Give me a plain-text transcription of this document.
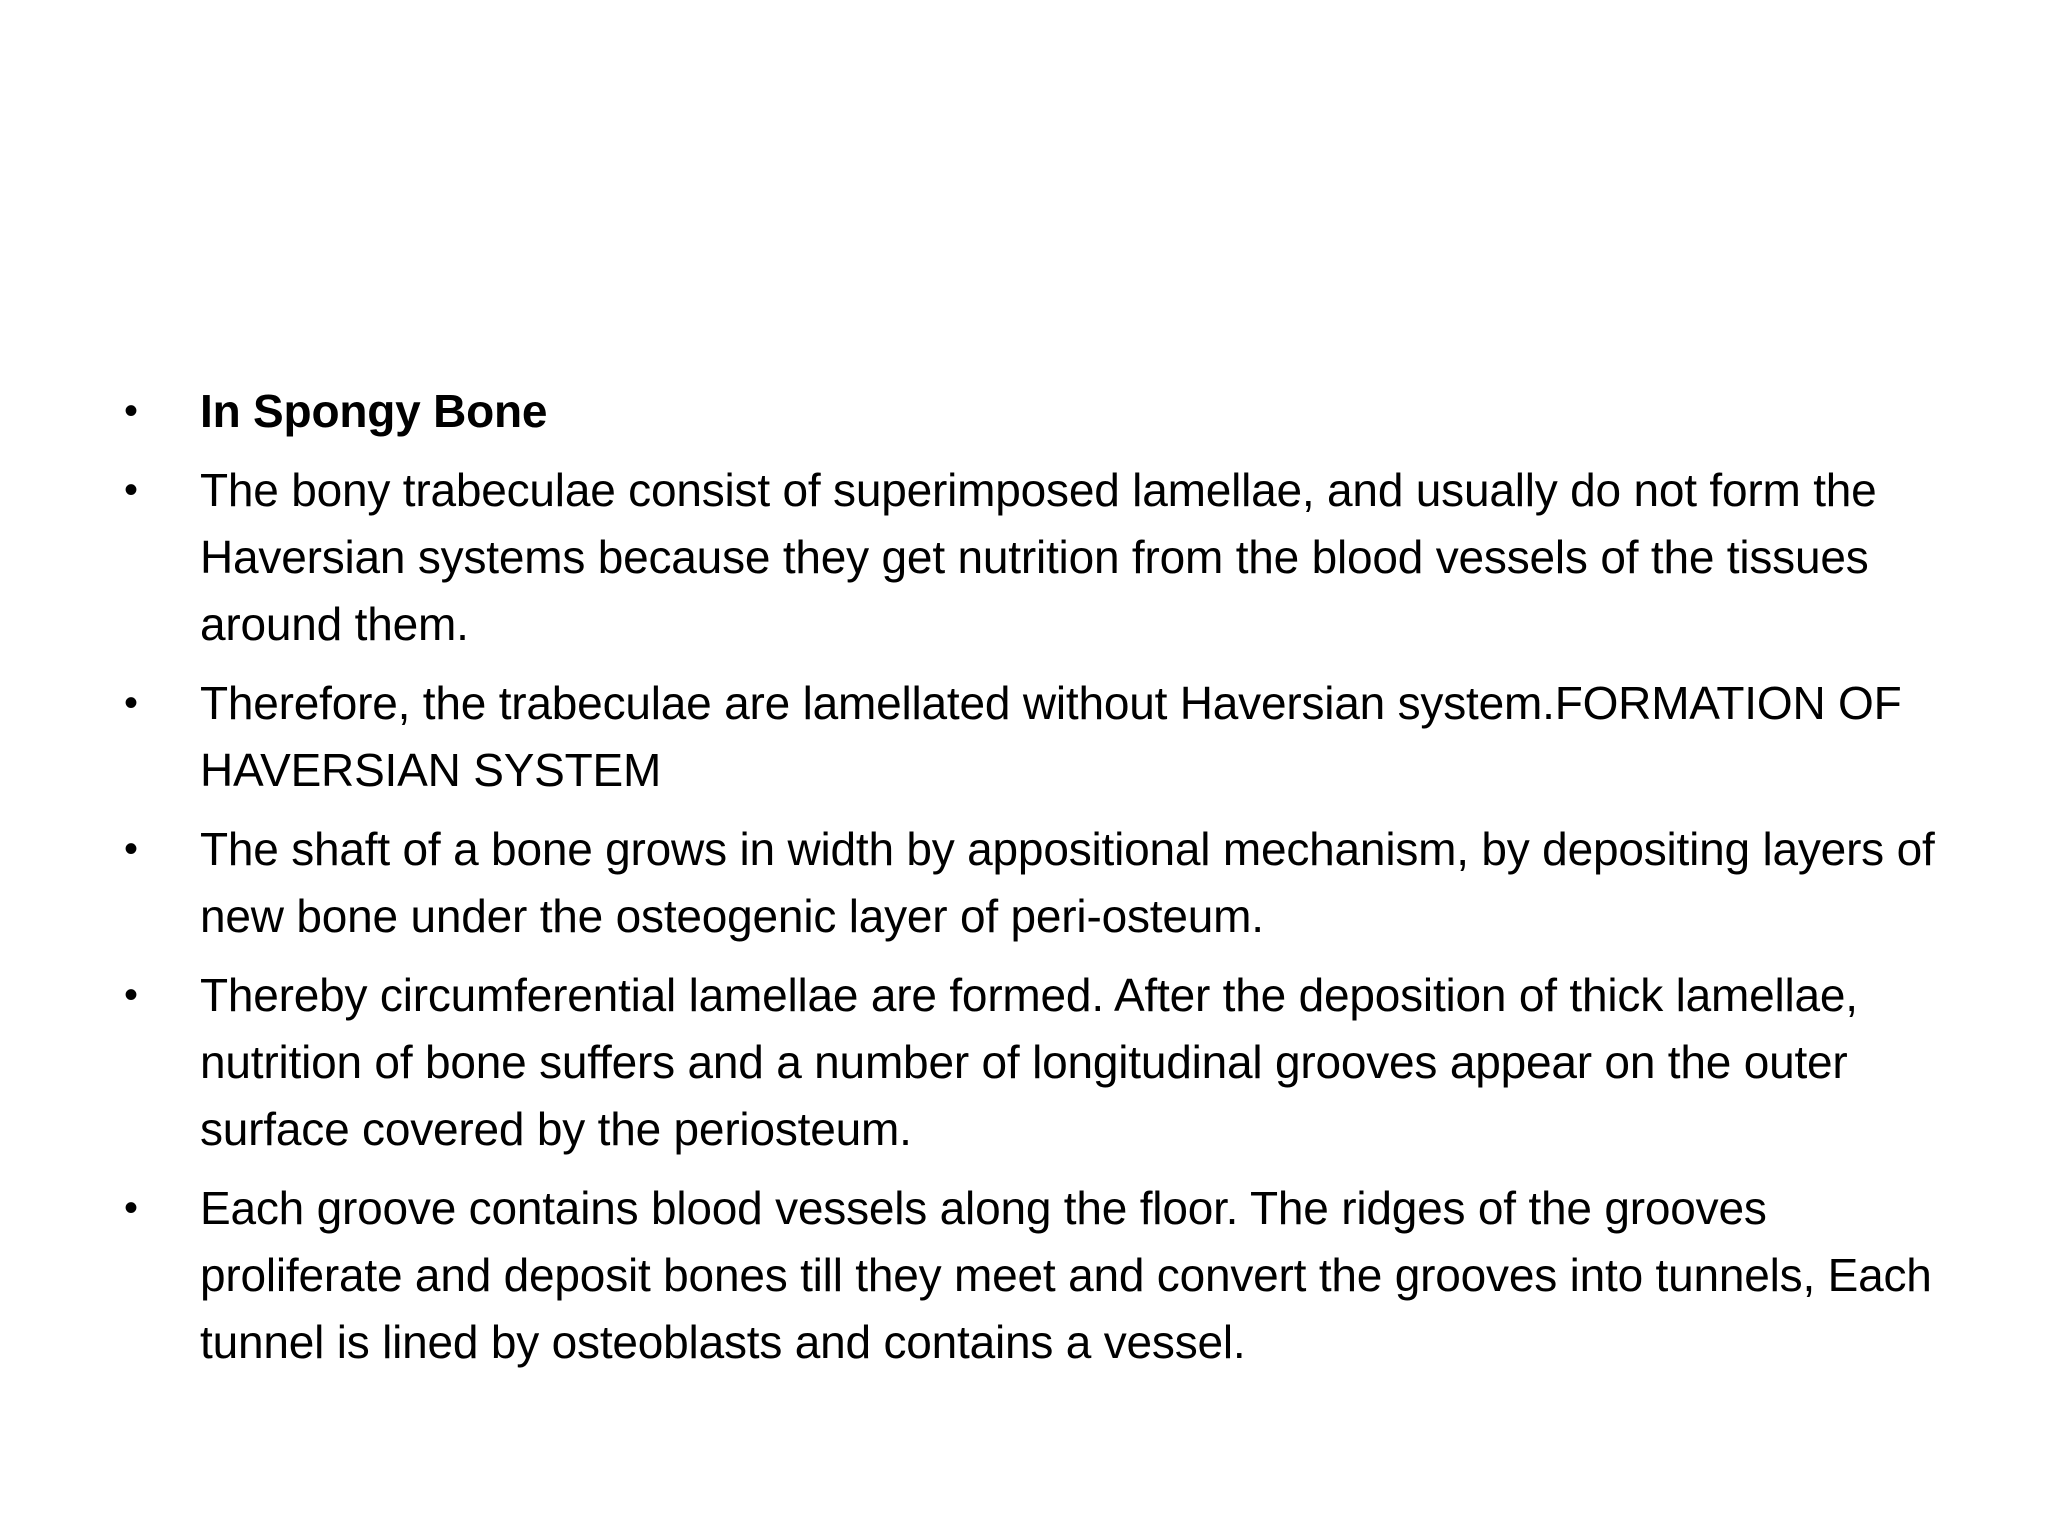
• In Spongy Bone
• The bony trabeculae consist of superimposed lamellae, and usually do not form the Haversian systems because they get nutrition from the blood vessels of the tissues around them.
• Therefore, the trabeculae are lamellated without Haversian system.FORMATION OF HAVERSIAN SYSTEM
• The shaft of a bone grows in width by appositional mechanism, by depositing layers of new bone under the osteogenic layer of peri-osteum.
• Thereby circumferential lamellae are formed. After the deposition of thick lamellae, nutrition of bone suffers and a number of longitudinal grooves appear on the outer surface covered by the periosteum.
• Each groove contains blood vessels along the floor. The ridges of the grooves proliferate and deposit bones till they meet and convert the grooves into tunnels, Each tunnel is lined by osteoblasts and contains a vessel.
